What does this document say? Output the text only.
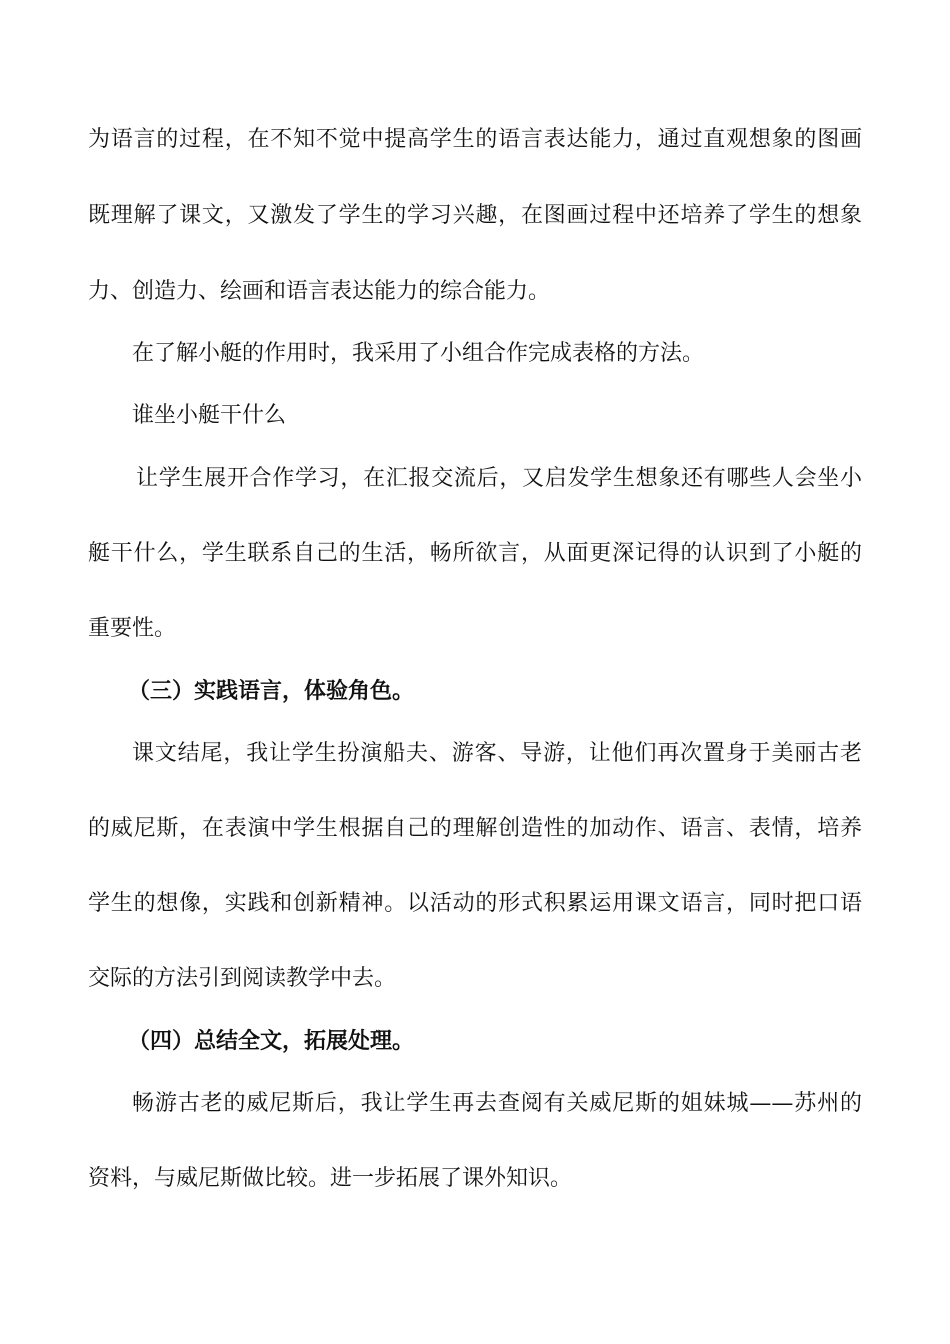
为语言的过程，在不知不觉中提高学生的语言表达能力，通过直观想象的图画
既理解了课文，又激发了学生的学习兴趣，在图画过程中还培养了学生的想象
力、创造力、绘画和语言表达能力的综合能力。
在了解小艇的作用时，我采用了小组合作完成表格的方法。
谁坐小艇干什么
让学生展开合作学习，在汇报交流后，又启发学生想象还有哪些人会坐小
艇干什么，学生联系自己的生活，畅所欲言，从面更深记得的认识到了小艇的
重要性。
（三）实践语言，体验角色。
课文结尾，我让学生扮演船夫、游客、导游，让他们再次置身于美丽古老
的威尼斯，在表演中学生根据自己的理解创造性的加动作、语言、表情，培养
学生的想像，实践和创新精神。以活动的形式积累运用课文语言，同时把口语
交际的方法引到阅读教学中去。
（四）总结全文，拓展处理。
畅游古老的威尼斯后，我让学生再去查阅有关威尼斯的姐妹城——苏州的
资料，与威尼斯做比较。进一步拓展了课外知识。
